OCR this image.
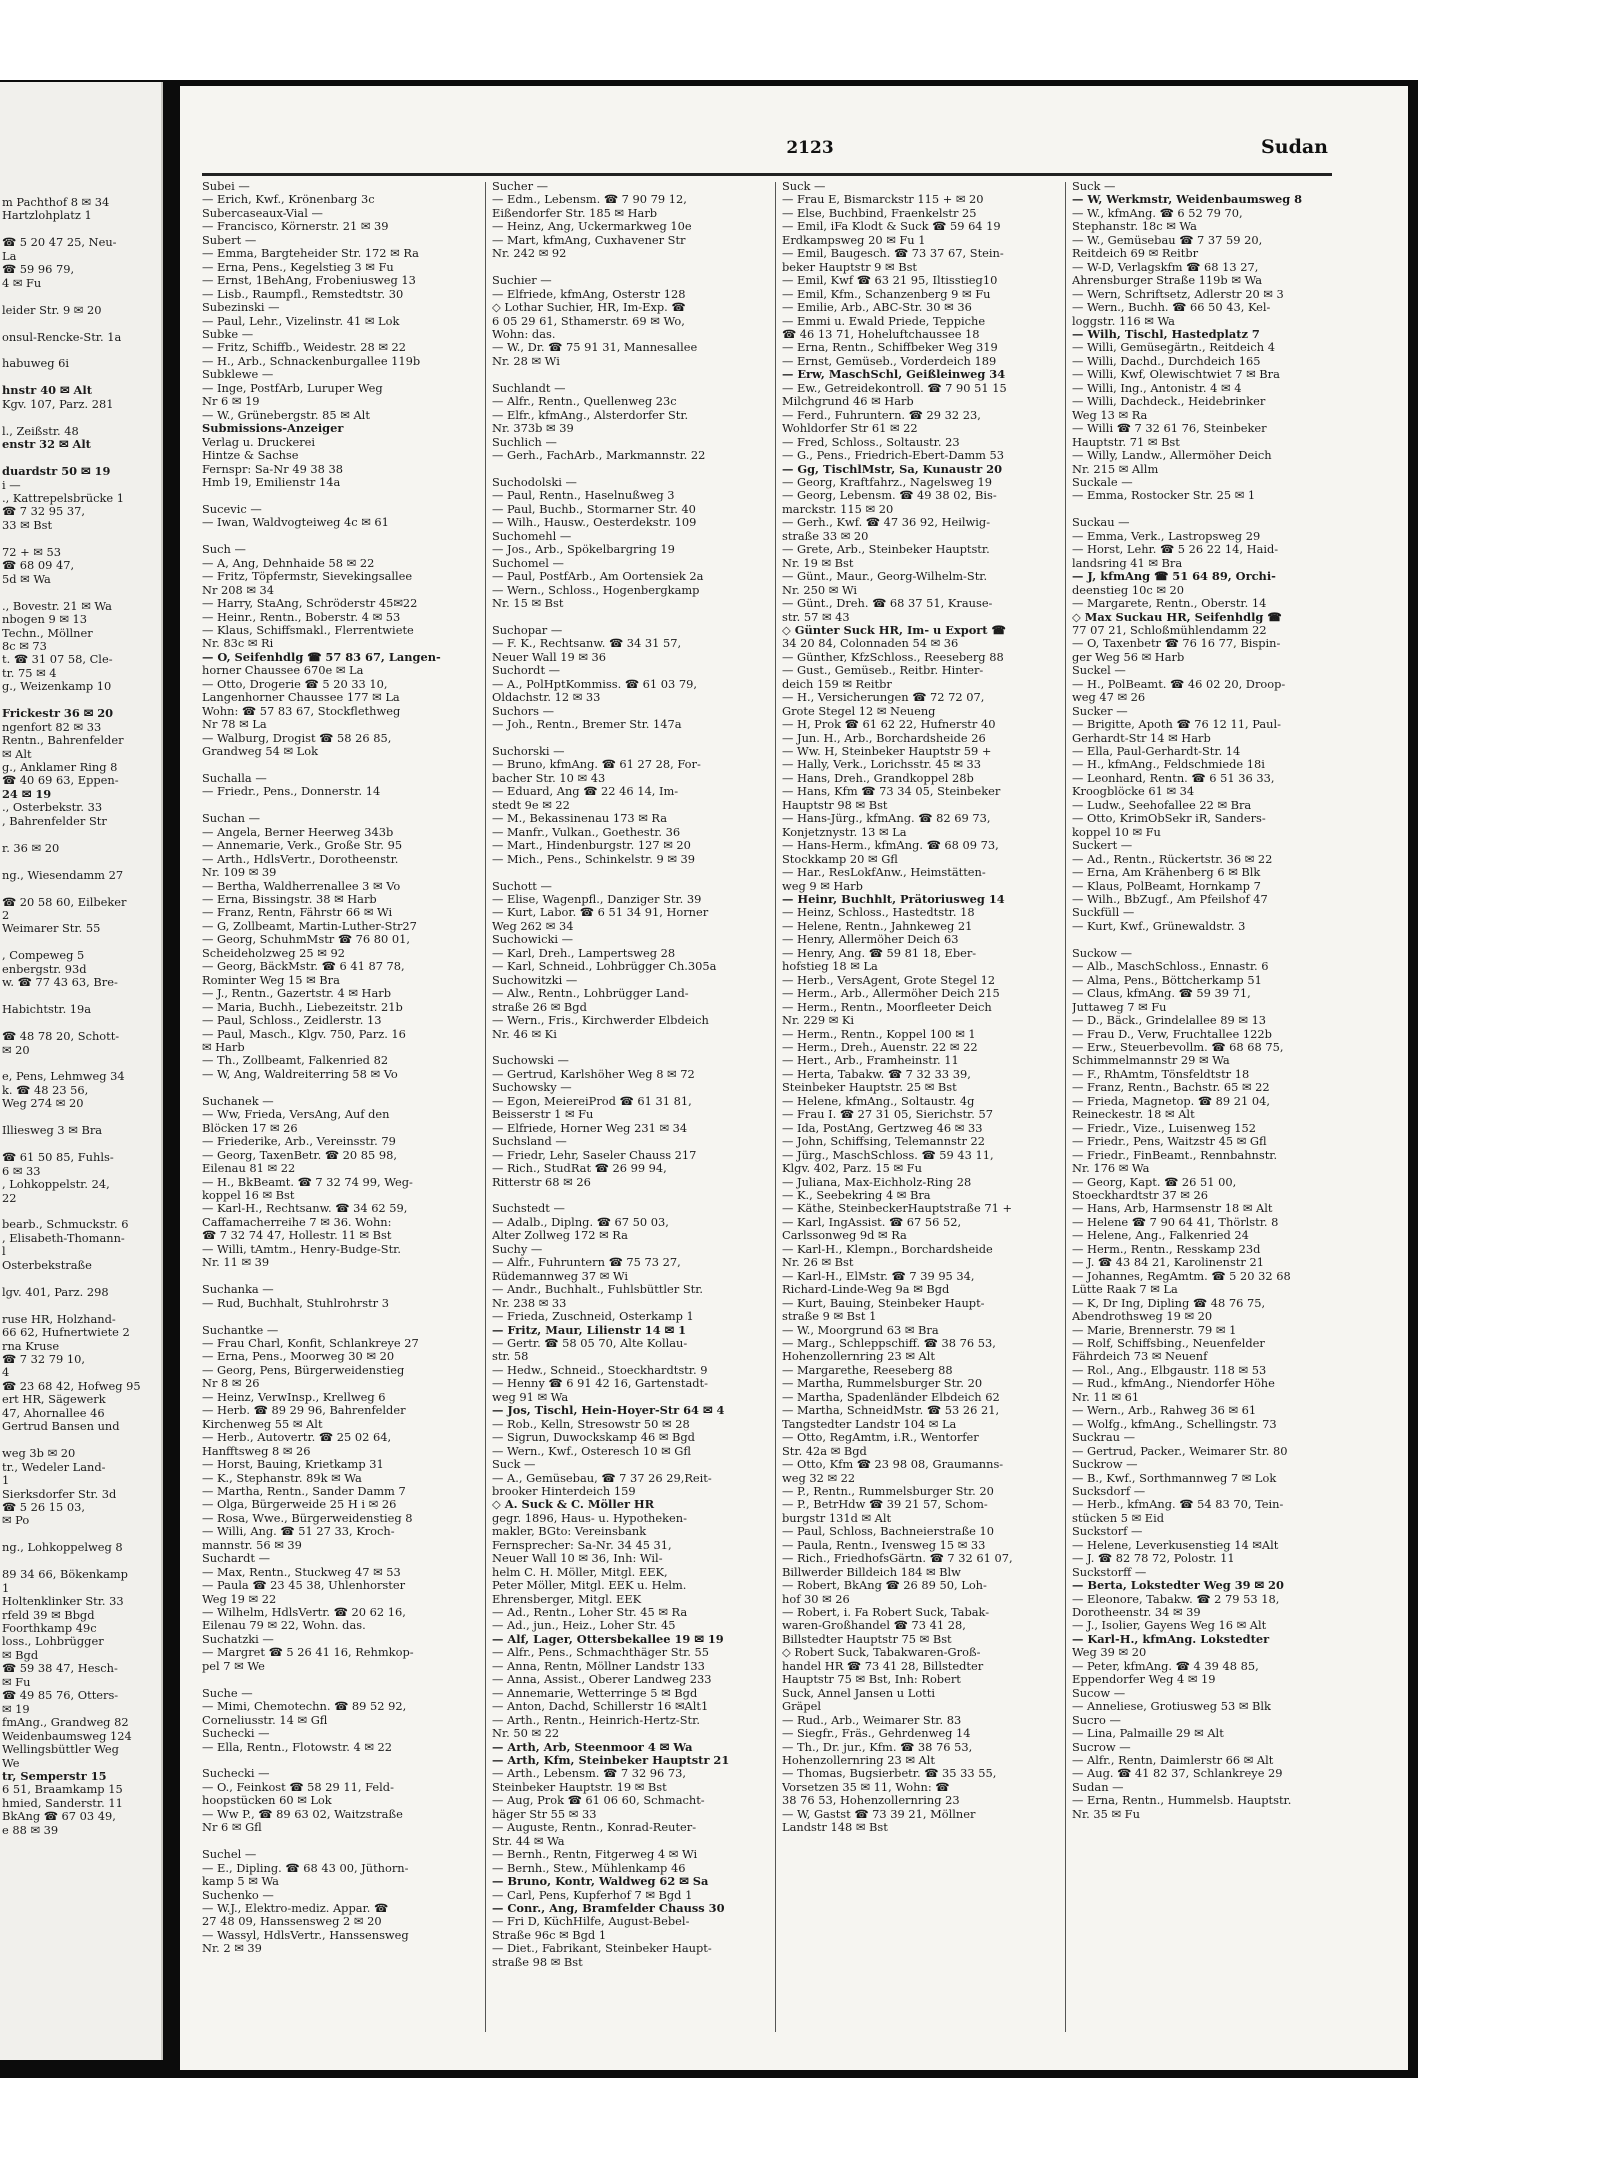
m Pachthof 8 ✉ 34
Hartzlohplatz 1

☎ 5 20 47 25, Neu-
La
☎ 59 96 79,
4 ✉ Fu

leider Str. 9 ✉ 20

onsul-Rencke-Str. 1a

habuweg 6i

hnstr 40 ✉ Alt
Kgv. 107, Parz. 281

l., Zeißstr. 48
enstr 32 ✉ Alt

duardstr 50 ✉ 19
i —
., Kattrepelsbrücke 1
☎ 7 32 95 37,
33 ✉ Bst

72 + ✉ 53
☎ 68 09 47,
5d ✉ Wa

., Bovestr. 21 ✉ Wa
nbogen 9 ✉ 13
Techn., Möllner
8c ✉ 73
t. ☎ 31 07 58, Cle-
tr. 75 ✉ 4
g., Weizenkamp 10

Frickestr 36 ✉ 20
ngenfort 82 ✉ 33
Rentn., Bahrenfelder
✉ Alt
g., Anklamer Ring 8
☎ 40 69 63, Eppen-
24 ✉ 19
., Osterbekstr. 33
, Bahrenfelder Str

r. 36 ✉ 20

ng., Wiesendamm 27

☎ 20 58 60, Eilbeker
2
Weimarer Str. 55

, Compeweg 5
enbergstr. 93d
w. ☎ 77 43 63, Bre-

Habichtstr. 19a

☎ 48 78 20, Schott-
✉ 20

e, Pens, Lehmweg 34
k. ☎ 48 23 56,
Weg 274 ✉ 20

Illiesweg 3 ✉ Bra

☎ 61 50 85, Fuhls-
6 ✉ 33
, Lohkoppelstr. 24,
22

bearb., Schmuckstr. 6
, Elisabeth-Thomann-
l
Osterbekstraße

lgv. 401, Parz. 298

ruse HR, Holzhand-
66 62, Hufnertwiete 2
rna Kruse
☎ 7 32 79 10,
4
☎ 23 68 42, Hofweg 95
ert HR, Sägewerk
47, Ahornallee 46
Gertrud Bansen und

weg 3b ✉ 20
tr., Wedeler Land-
1
Sierksdorfer Str. 3d
☎ 5 26 15 03,
✉ Po

ng., Lohkoppelweg 8

89 34 66, Bökenkamp
1
Holtenklinker Str. 33
rfeld 39 ✉ Bbgd
Foorthkamp 49c
loss., Lohbrügger
✉ Bgd
☎ 59 38 47, Hesch-
✉ Fu
☎ 49 85 76, Otters-
✉ 19
fmAng., Grandweg 82
Weidenbaumsweg 124
Wellingsbüttler Weg
We
tr, Semperstr 15
6 51, Braamkamp 15
hmied, Sanderstr. 11
BkAng ☎ 67 03 49,
e 88 ✉ 39
2123	Sudan
Subei —
— Erich, Kwf., Krönenbarg 3c
Subercaseaux-Vial —
— Francisco, Körnerstr. 21 ✉ 39
Subert —
— Emma, Bargteheider Str. 172 ✉ Ra
— Erna, Pens., Kegelstieg 3 ✉ Fu
— Ernst, 1BehAng, Frobeniusweg 13
— Lisb., Raumpfl., Remstedtstr. 30
Subezinski —
— Paul, Lehr., Vizelinstr. 41 ✉ Lok
Subke —
— Fritz, Schiffb., Weidestr. 28 ✉ 22
— H., Arb., Schnackenburgallee 119b
Subklewe —
— Inge, PostfArb, Luruper Weg
Nr 6 ✉ 19
— W., Grünebergstr. 85 ✉ Alt
Submissions-Anzeiger
Verlag u. Druckerei
Hintze & Sachse
Fernspr: Sa-Nr 49 38 38
Hmb 19, Emilienstr 14a

Sucevic —
— Iwan, Waldvogteiweg 4c ✉ 61

Such —
— A, Ang, Dehnhaide 58 ✉ 22
— Fritz, Töpfermstr, Sievekingsallee
Nr 208 ✉ 34
— Harry, StaAng, Schröderstr 45✉22
— Heinr., Rentn., Boberstr. 4 ✉ 53
— Klaus, Schiffsmakl., Flerrentwiete
Nr. 83c ✉ Ri
— O, Seifenhdlg ☎ 57 83 67, Langen-
horner Chaussee 670e ✉ La
— Otto, Drogerie ☎ 5 20 33 10,
Langenhorner Chaussee 177 ✉ La
Wohn: ☎ 57 83 67, Stockflethweg
Nr 78 ✉ La
— Walburg, Drogist ☎ 58 26 85,
Grandweg 54 ✉ Lok

Suchalla —
— Friedr., Pens., Donnerstr. 14

Suchan —
— Angela, Berner Heerweg 343b
— Annemarie, Verk., Große Str. 95
— Arth., HdlsVertr., Dorotheenstr.
Nr. 109 ✉ 39
— Bertha, Waldherrenallee 3 ✉ Vo
— Erna, Bissingstr. 38 ✉ Harb
— Franz, Rentn, Fährstr 66 ✉ Wi
— G, Zollbeamt, Martin-Luther-Str27
— Georg, SchuhmMstr ☎ 76 80 01,
Scheideholzweg 25 ✉ 92
— Georg, BäckMstr. ☎ 6 41 87 78,
Rominter Weg 15 ✉ Bra
— J., Rentn., Gazertstr. 4 ✉ Harb
— Maria, Buchh., Liebezeitstr. 21b
— Paul, Schloss., Zeidlerstr. 13
— Paul, Masch., Klgv. 750, Parz. 16
✉ Harb
— Th., Zollbeamt, Falkenried 82
— W, Ang, Waldreiterring 58 ✉ Vo

Suchanek —
— Ww, Frieda, VersAng, Auf den
Blöcken 17 ✉ 26
— Friederike, Arb., Vereinsstr. 79
— Georg, TaxenBetr. ☎ 20 85 98,
Eilenau 81 ✉ 22
— H., BkBeamt. ☎ 7 32 74 99, Weg-
koppel 16 ✉ Bst
— Karl-H., Rechtsanw. ☎ 34 62 59,
Caffamacherreihe 7 ✉ 36. Wohn:
☎ 7 32 74 47, Hollestr. 11 ✉ Bst
— Willi, tAmtm., Henry-Budge-Str.
Nr. 11 ✉ 39

Suchanka —
— Rud, Buchhalt, Stuhlrohrstr 3

Suchantke —
— Frau Charl, Konfit, Schlankreye 27
— Erna, Pens., Moorweg 30 ✉ 20
— Georg, Pens, Bürgerweidenstieg
Nr 8 ✉ 26
— Heinz, VerwInsp., Krellweg 6
— Herb. ☎ 89 29 96, Bahrenfelder
Kirchenweg 55 ✉ Alt
— Herb., Autovertr. ☎ 25 02 64,
Hanfftsweg 8 ✉ 26
— Horst, Bauing, Krietkamp 31
— K., Stephanstr. 89k ✉ Wa
— Martha, Rentn., Sander Damm 7
— Olga, Bürgerweide 25 H i ✉ 26
— Rosa, Wwe., Bürgerweidenstieg 8
— Willi, Ang. ☎ 51 27 33, Kroch-
mannstr. 56 ✉ 39
Suchardt —
— Max, Rentn., Stuckweg 47 ✉ 53
— Paula ☎ 23 45 38, Uhlenhorster
Weg 19 ✉ 22
— Wilhelm, HdlsVertr. ☎ 20 62 16,
Eilenau 79 ✉ 22, Wohn. das.
Suchatzki —
— Margret ☎ 5 26 41 16, Rehmkop-
pel 7 ✉ We

Suche —
— Mimi, Chemotechn. ☎ 89 52 92,
Corneliusstr. 14 ✉ Gfl
Suchecki —
— Ella, Rentn., Flotowstr. 4 ✉ 22

Suchecki —
— O., Feinkost ☎ 58 29 11, Feld-
hoopstücken 60 ✉ Lok
— Ww P., ☎ 89 63 02, Waitzstraße
Nr 6 ✉ Gfl

Suchel —
— E., Dipling. ☎ 68 43 00, Jüthorn-
kamp 5 ✉ Wa
Suchenko —
— W.J., Elektro-mediz. Appar. ☎
27 48 09, Hanssensweg 2 ✉ 20
— Wassyl, HdlsVertr., Hanssensweg
Nr. 2 ✉ 39
Sucher —
— Edm., Lebensm. ☎ 7 90 79 12,
Eißendorfer Str. 185 ✉ Harb
— Heinz, Ang, Uckermarkweg 10e
— Mart, kfmAng, Cuxhavener Str
Nr. 242 ✉ 92

Suchier —
— Elfriede, kfmAng, Osterstr 128
◇ Lothar Suchier, HR, Im-Exp. ☎
6 05 29 61, Sthamerstr. 69 ✉ Wo,
Wohn: das.
— W., Dr. ☎ 75 91 31, Mannesallee
Nr. 28 ✉ Wi

Suchlandt —
— Alfr., Rentn., Quellenweg 23c
— Elfr., kfmAng., Alsterdorfer Str.
Nr. 373b ✉ 39
Suchlich —
— Gerh., FachArb., Markmannstr. 22

Suchodolski —
— Paul, Rentn., Haselnußweg 3
— Paul, Buchb., Stormarner Str. 40
— Wilh., Hausw., Oesterdekstr. 109
Suchomehl —
— Jos., Arb., Spökelbargring 19
Suchomel —
— Paul, PostfArb., Am Oortensiek 2a
— Wern., Schloss., Hogenbergkamp
Nr. 15 ✉ Bst

Suchopar —
— F. K., Rechtsanw. ☎ 34 31 57,
Neuer Wall 19 ✉ 36
Suchordt —
— A., PolHptKommiss. ☎ 61 03 79,
Oldachstr. 12 ✉ 33
Suchors —
— Joh., Rentn., Bremer Str. 147a

Suchorski —
— Bruno, kfmAng. ☎ 61 27 28, For-
bacher Str. 10 ✉ 43
— Eduard, Ang ☎ 22 46 14, Im-
stedt 9e ✉ 22
— M., Bekassinenau 173 ✉ Ra
— Manfr., Vulkan., Goethestr. 36
— Mart., Hindenburgstr. 127 ✉ 20
— Mich., Pens., Schinkelstr. 9 ✉ 39

Suchott —
— Elise, Wagenpfl., Danziger Str. 39
— Kurt, Labor. ☎ 6 51 34 91, Horner
Weg 262 ✉ 34
Suchowicki —
— Karl, Dreh., Lampertsweg 28
— Karl, Schneid., Lohbrügger Ch.305a
Suchowitzki —
— Alw., Rentn., Lohbrügger Land-
straße 26 ✉ Bgd
— Wern., Fris., Kirchwerder Elbdeich
Nr. 46 ✉ Ki

Suchowski —
— Gertrud, Karlshöher Weg 8 ✉ 72
Suchowsky —
— Egon, MeiereiProd ☎ 61 31 81,
Beisserstr 1 ✉ Fu
— Elfriede, Horner Weg 231 ✉ 34
Suchsland —
— Friedr, Lehr, Saseler Chauss 217
— Rich., StudRat ☎ 26 99 94,
Ritterstr 68 ✉ 26

Suchstedt —
— Adalb., Diplng. ☎ 67 50 03,
Alter Zollweg 172 ✉ Ra
Suchy —
— Alfr., Fuhruntern ☎ 75 73 27,
Rüdemannweg 37 ✉ Wi
— Andr., Buchhalt., Fuhlsbüttler Str.
Nr. 238 ✉ 33
— Frieda, Zuschneid, Osterkamp 1
— Fritz, Maur, Lilienstr 14 ✉ 1
— Gertr. ☎ 58 05 70, Alte Kollau-
str. 58
— Hedw., Schneid., Stoeckhardtstr. 9
— Henny ☎ 6 91 42 16, Gartenstadt-
weg 91 ✉ Wa
— Jos, Tischl, Hein-Hoyer-Str 64 ✉ 4
— Rob., Kelln, Stresowstr 50 ✉ 28
— Sigrun, Duwockskamp 46 ✉ Bgd
— Wern., Kwf., Osteresch 10 ✉ Gfl
Suck —
— A., Gemüsebau, ☎ 7 37 26 29,Reit-
brooker Hinterdeich 159
◇ A. Suck & C. Möller HR
gegr. 1896, Haus- u. Hypotheken-
makler, BGto: Vereinsbank
Fernsprecher: Sa-Nr. 34 45 31,
Neuer Wall 10 ✉ 36, Inh: Wil-
helm C. H. Möller, Mitgl. EEK,
Peter Möller, Mitgl. EEK u. Helm.
Ehrensberger, Mitgl. EEK
— Ad., Rentn., Loher Str. 45 ✉ Ra
— Ad., jun., Heiz., Loher Str. 45
— Alf, Lager, Ottersbekallee 19 ✉ 19
— Alfr., Pens., Schmachthäger Str. 55
— Anna, Rentn, Möllner Landstr 133
— Anna, Assist., Oberer Landweg 233
— Annemarie, Wetterringe 5 ✉ Bgd
— Anton, Dachd, Schillerstr 16 ✉Alt1
— Arth., Rentn., Heinrich-Hertz-Str.
Nr. 50 ✉ 22
— Arth, Arb, Steenmoor 4 ✉ Wa
— Arth, Kfm, Steinbeker Hauptstr 21
— Arth., Lebensm. ☎ 7 32 96 73,
Steinbeker Hauptstr. 19 ✉ Bst
— Aug, Prok ☎ 61 06 60, Schmacht-
häger Str 55 ✉ 33
— Auguste, Rentn., Konrad-Reuter-
Str. 44 ✉ Wa
— Bernh., Rentn, Fitgerweg 4 ✉ Wi
— Bernh., Stew., Mühlenkamp 46
— Bruno, Kontr, Waldweg 62 ✉ Sa
— Carl, Pens, Kupferhof 7 ✉ Bgd 1
— Conr., Ang, Bramfelder Chauss 30
— Fri D, KüchHilfe, August-Bebel-
Straße 96c ✉ Bgd 1
— Diet., Fabrikant, Steinbeker Haupt-
straße 98 ✉ Bst
Suck —
— Frau E, Bismarckstr 115 + ✉ 20
— Else, Buchbind, Fraenkelstr 25
— Emil, iFa Klodt & Suck ☎ 59 64 19
Erdkampsweg 20 ✉ Fu 1
— Emil, Baugesch. ☎ 73 37 67, Stein-
beker Hauptstr 9 ✉ Bst
— Emil, Kwf ☎ 63 21 95, Iltisstieg10
— Emil, Kfm., Schanzenberg 9 ✉ Fu
— Emilie, Arb., ABC-Str. 30 ✉ 36
— Emmi u. Ewald Priede, Teppiche
☎ 46 13 71, Hoheluftchaussee 18
— Erna, Rentn., Schiffbeker Weg 319
— Ernst, Gemüseb., Vorderdeich 189
— Erw, MaschSchl, Geißleinweg 34
— Ew., Getreidekontroll. ☎ 7 90 51 15
Milchgrund 46 ✉ Harb
— Ferd., Fuhruntern. ☎ 29 32 23,
Wohldorfer Str 61 ✉ 22
— Fred, Schloss., Soltaustr. 23
— G., Pens., Friedrich-Ebert-Damm 53
— Gg, TischlMstr, Sa, Kunaustr 20
— Georg, Kraftfahrz., Nagelsweg 19
— Georg, Lebensm. ☎ 49 38 02, Bis-
marckstr. 115 ✉ 20
— Gerh., Kwf. ☎ 47 36 92, Heilwig-
straße 33 ✉ 20
— Grete, Arb., Steinbeker Hauptstr.
Nr. 19 ✉ Bst
— Günt., Maur., Georg-Wilhelm-Str.
Nr. 250 ✉ Wi
— Günt., Dreh. ☎ 68 37 51, Krause-
str. 57 ✉ 43
◇ Günter Suck HR, Im- u Export ☎
34 20 84, Colonnaden 54 ✉ 36
— Günther, KfzSchloss., Reeseberg 88
— Gust., Gemüseb., Reitbr. Hinter-
deich 159 ✉ Reitbr
— H., Versicherungen ☎ 72 72 07,
Grote Stegel 12 ✉ Neueng
— H, Prok ☎ 61 62 22, Hufnerstr 40
— Jun. H., Arb., Borchardsheide 26
— Ww. H, Steinbeker Hauptstr 59 +
— Hally, Verk., Lorichsstr. 45 ✉ 33
— Hans, Dreh., Grandkoppel 28b
— Hans, Kfm ☎ 73 34 05, Steinbeker
Hauptstr 98 ✉ Bst
— Hans-Jürg., kfmAng. ☎ 82 69 73,
Konjetznystr. 13 ✉ La
— Hans-Herm., kfmAng. ☎ 68 09 73,
Stockkamp 20 ✉ Gfl
— Har., ResLokfAnw., Heimstätten-
weg 9 ✉ Harb
— Heinr, Buchhlt, Prätoriusweg 14
— Heinz, Schloss., Hastedtstr. 18
— Helene, Rentn., Jahnkeweg 21
— Henry, Allermöher Deich 63
— Henry, Ang. ☎ 59 81 18, Eber-
hofstieg 18 ✉ La
— Herb., VersAgent, Grote Stegel 12
— Herm., Arb., Allermöher Deich 215
— Herm., Rentn., Moorfleeter Deich
Nr. 229 ✉ Ki
— Herm., Rentn., Koppel 100 ✉ 1
— Herm., Dreh., Auenstr. 22 ✉ 22
— Hert., Arb., Framheinstr. 11
— Herta, Tabakw. ☎ 7 32 33 39,
Steinbeker Hauptstr. 25 ✉ Bst
— Helene, kfmAng., Soltaustr. 4g
— Frau I. ☎ 27 31 05, Sierichstr. 57
— Ida, PostAng, Gertzweg 46 ✉ 33
— John, Schiffsing, Telemannstr 22
— Jürg., MaschSchloss. ☎ 59 43 11,
Klgv. 402, Parz. 15 ✉ Fu
— Juliana, Max-Eichholz-Ring 28
— K., Seebekring 4 ✉ Bra
— Käthe, SteinbeckerHauptstraße 71 +
— Karl, IngAssist. ☎ 67 56 52,
Carlssonweg 9d ✉ Ra
— Karl-H., Klempn., Borchardsheide
Nr. 26 ✉ Bst
— Karl-H., ElMstr. ☎ 7 39 95 34,
Richard-Linde-Weg 9a ✉ Bgd
— Kurt, Bauing, Steinbeker Haupt-
straße 9 ✉ Bst 1
— W., Moorgrund 63 ✉ Bra
— Marg., Schleppschiff. ☎ 38 76 53,
Hohenzollernring 23 ✉ Alt
— Margarethe, Reeseberg 88
— Martha, Rummelsburger Str. 20
— Martha, Spadenländer Elbdeich 62
— Martha, SchneidMstr. ☎ 53 26 21,
Tangstedter Landstr 104 ✉ La
— Otto, RegAmtm, i.R., Wentorfer
Str. 42a ✉ Bgd
— Otto, Kfm ☎ 23 98 08, Graumanns-
weg 32 ✉ 22
— P., Rentn., Rummelsburger Str. 20
— P., BetrHdw ☎ 39 21 57, Schom-
burgstr 131d ✉ Alt
— Paul, Schloss, Bachneierstraße 10
— Paula, Rentn., Ivensweg 15 ✉ 33
— Rich., FriedhofsGärtn. ☎ 7 32 61 07,
Billwerder Billdeich 184 ✉ Blw
— Robert, BkAng ☎ 26 89 50, Loh-
hof 30 ✉ 26
— Robert, i. Fa Robert Suck, Tabak-
waren-Großhandel ☎ 73 41 28,
Billstedter Hauptstr 75 ✉ Bst
◇ Robert Suck, Tabakwaren-Groß-
handel HR ☎ 73 41 28, Billstedter
Hauptstr 75 ✉ Bst, Inh: Robert
Suck, Annel Jansen u Lotti
Gräpel
— Rud., Arb., Weimarer Str. 83
— Siegfr., Fräs., Gehrdenweg 14
— Th., Dr. jur., Kfm. ☎ 38 76 53,
Hohenzollernring 23 ✉ Alt
— Thomas, Bugsierbetr. ☎ 35 33 55,
Vorsetzen 35 ✉ 11, Wohn: ☎
38 76 53, Hohenzollernring 23
— W, Gastst ☎ 73 39 21, Möllner
Landstr 148 ✉ Bst
Suck —
— W, Werkmstr, Weidenbaumsweg 8
— W., kfmAng. ☎ 6 52 79 70,
Stephanstr. 18c ✉ Wa
— W., Gemüsebau ☎ 7 37 59 20,
Reitdeich 69 ✉ Reitbr
— W-D, Verlagskfm ☎ 68 13 27,
Ahrensburger Straße 119b ✉ Wa
— Wern, Schriftsetz, Adlerstr 20 ✉ 3
— Wern., Buchh. ☎ 66 50 43, Kel-
loggstr. 116 ✉ Wa
— Wilh, Tischl, Hastedplatz 7
— Willi, Gemüsegärtn., Reitdeich 4
— Willi, Dachd., Durchdeich 165
— Willi, Kwf, Olewischtwiet 7 ✉ Bra
— Willi, Ing., Antonistr. 4 ✉ 4
— Willi, Dachdeck., Heidebrinker
Weg 13 ✉ Ra
— Willi ☎ 7 32 61 76, Steinbeker
Hauptstr. 71 ✉ Bst
— Willy, Landw., Allermöher Deich
Nr. 215 ✉ Allm
Suckale —
— Emma, Rostocker Str. 25 ✉ 1

Suckau —
— Emma, Verk., Lastropsweg 29
— Horst, Lehr. ☎ 5 26 22 14, Haid-
landsring 41 ✉ Bra
— J, kfmAng ☎ 51 64 89, Orchi-
deenstieg 10c ✉ 20
— Margarete, Rentn., Oberstr. 14
◇ Max Suckau HR, Seifenhdlg ☎
77 07 21, Schloßmühlendamm 22
— O, Taxenbetr ☎ 76 16 77, Bispin-
ger Weg 56 ✉ Harb
Suckel —
— H., PolBeamt. ☎ 46 02 20, Droop-
weg 47 ✉ 26
Sucker —
— Brigitte, Apoth ☎ 76 12 11, Paul-
Gerhardt-Str 14 ✉ Harb
— Ella, Paul-Gerhardt-Str. 14
— H., kfmAng., Feldschmiede 18i
— Leonhard, Rentn. ☎ 6 51 36 33,
Kroogblöcke 61 ✉ 34
— Ludw., Seehofallee 22 ✉ Bra
— Otto, KrimObSekr iR, Sanders-
koppel 10 ✉ Fu
Suckert —
— Ad., Rentn., Rückertstr. 36 ✉ 22
— Erna, Am Krähenberg 6 ✉ Blk
— Klaus, PolBeamt, Hornkamp 7
— Wilh., BbZugf., Am Pfeilshof 47
Suckfüll —
— Kurt, Kwf., Grünewaldstr. 3

Suckow —
— Alb., MaschSchloss., Ennastr. 6
— Alma, Pens., Böttcherkamp 51
— Claus, kfmAng. ☎ 59 39 71,
Juttaweg 7 ✉ Fu
— D., Bäck., Grindelallee 89 ✉ 13
— Frau D., Verw, Fruchtallee 122b
— Erw., Steuerbevollm. ☎ 68 68 75,
Schimmelmannstr 29 ✉ Wa
— F., RhAmtm, Tönsfeldtstr 18
— Franz, Rentn., Bachstr. 65 ✉ 22
— Frieda, Magnetop. ☎ 89 21 04,
Reineckestr. 18 ✉ Alt
— Friedr., Vize., Luisenweg 152
— Friedr., Pens, Waitzstr 45 ✉ Gfl
— Friedr., FinBeamt., Rennbahnstr.
Nr. 176 ✉ Wa
— Georg, Kapt. ☎ 26 51 00,
Stoeckhardtstr 37 ✉ 26
— Hans, Arb, Harmsenstr 18 ✉ Alt
— Helene ☎ 7 90 64 41, Thörlstr. 8
— Helene, Ang., Falkenried 24
— Herm., Rentn., Resskamp 23d
— J. ☎ 43 84 21, Karolinenstr 21
— Johannes, RegAmtm. ☎ 5 20 32 68
Lütte Raak 7 ✉ La
— K, Dr Ing, Dipling ☎ 48 76 75,
Abendrothsweg 19 ✉ 20
— Marie, Brennerstr. 79 ✉ 1
— Rolf, Schiffsbing., Neuenfelder
Fährdeich 73 ✉ Neuenf
— Rol., Ang., Elbgaustr. 118 ✉ 53
— Rud., kfmAng., Niendorfer Höhe
Nr. 11 ✉ 61
— Wern., Arb., Rahweg 36 ✉ 61
— Wolfg., kfmAng., Schellingstr. 73
Suckrau —
— Gertrud, Packer., Weimarer Str. 80
Suckrow —
— B., Kwf., Sorthmannweg 7 ✉ Lok
Sucksdorf —
— Herb., kfmAng. ☎ 54 83 70, Tein-
stücken 5 ✉ Eid
Suckstorf —
— Helene, Leverkusenstieg 14 ✉Alt
— J. ☎ 82 78 72, Polostr. 11
Suckstorff —
— Berta, Lokstedter Weg 39 ✉ 20
— Eleonore, Tabakw. ☎ 2 79 53 18,
Dorotheenstr. 34 ✉ 39
— J., Isolier, Gayens Weg 16 ✉ Alt
— Karl-H., kfmAng. Lokstedter
Weg 39 ✉ 20
— Peter, kfmAng. ☎ 4 39 48 85,
Eppendorfer Weg 4 ✉ 19
Sucow —
— Anneliese, Grotiusweg 53 ✉ Blk
Sucro —
— Lina, Palmaille 29 ✉ Alt
Sucrow —
— Alfr., Rentn, Daimlerstr 66 ✉ Alt
— Aug. ☎ 41 82 37, Schlankreye 29
Sudan —
— Erna, Rentn., Hummelsb. Hauptstr.
Nr. 35 ✉ Fu
